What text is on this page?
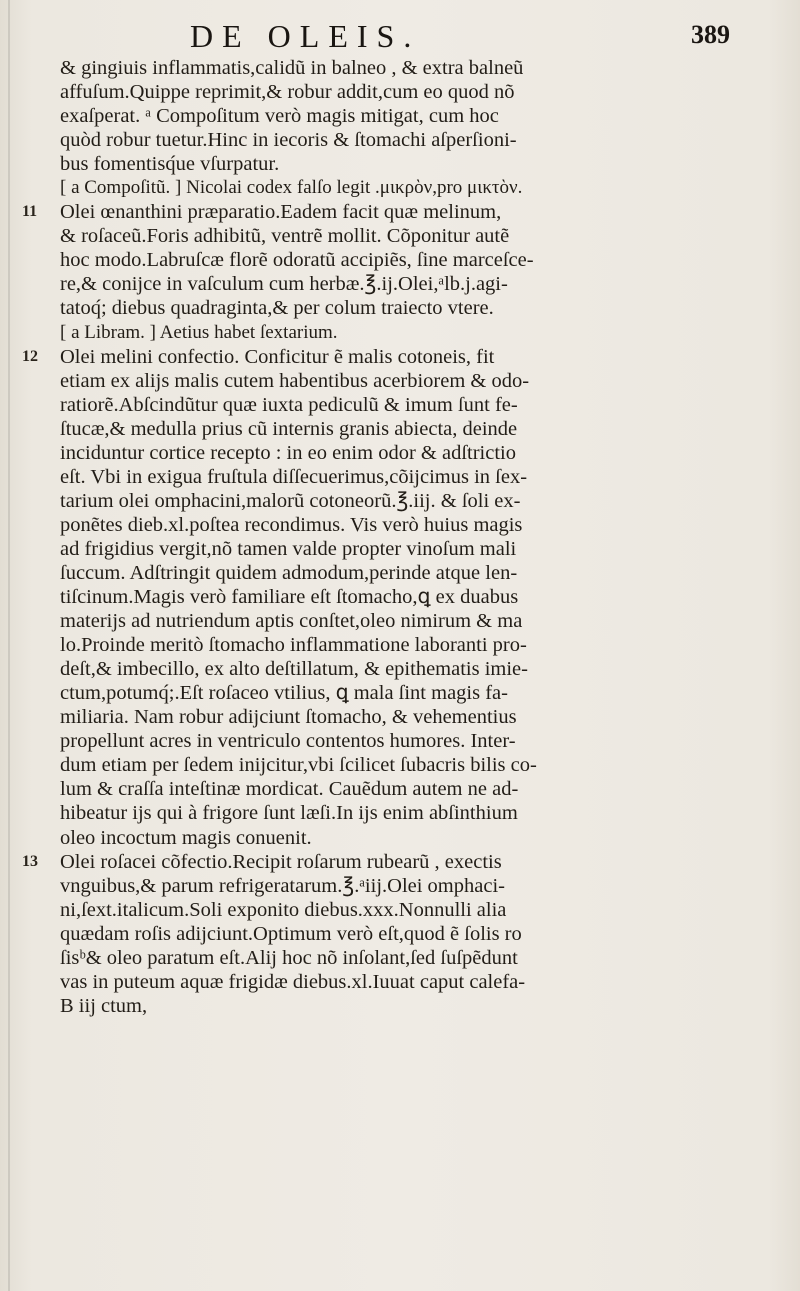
DE OLEIS.	389
& gingiuis inflammatis,calidũ in balneo , & extra balneũ
affuſum.Quippe reprimit,& robur addit,cum eo quod nõ
exaſperat. ᵃ Compoſitum verò magis mitigat, cum hoc
quòd robur tuetur.Hinc in iecoris & ſtomachi aſperſioni-
bus fomentisq́ue vſurpatur.
[ a Compoſitũ. ] Nicolai codex falſo legit .μικρὸν,pro μικτὸν.
Olei œnanthini præparatio.Eadem facit quæ melinum,
11
& roſaceũ.Foris adhibitũ, ventrẽ mollit. Cõponitur autẽ
hoc modo.Labruſcæ florẽ odoratũ accipiẽs, ſine marceſce-
re,& conijce in vaſculum cum herbæ.℥.ij.Olei,ᵃlb.j.agi-
tatoq́; diebus quadraginta,& per colum traiecto vtere.
[ a Libram. ] Aetius habet ſextarium.
Olei melini confectio. Conficitur ẽ malis cotoneis, fit
12
etiam ex alijs malis cutem habentibus acerbiorem & odo-
ratiorẽ.Abſcindũtur quæ iuxta pediculũ & imum ſunt fe-
ſtucæ,& medulla prius cũ internis granis abiecta, deinde
inciduntur cortice recepto : in eo enim odor & adſtrictio
eſt. Vbi in exigua fruſtula diſſecuerimus,cõijcimus in ſex-
tarium olei omphacini,malorũ cotoneorũ.℥.iij. & ſoli ex-
ponẽtes dieb.xl.poſtea recondimus. Vis verò huius magis
ad frigidius vergit,nõ tamen valde propter vinoſum mali
ſuccum. Adſtringit quidem admodum,perinde atque len-
tiſcinum.Magis verò familiare eſt ſtomacho,ꝗ ex duabus
materijs ad nutriendum aptis conſtet,oleo nimirum & ma
lo.Proinde meritò ſtomacho inflammatione laboranti pro-
deſt,& imbecillo, ex alto deſtillatum, & epithematis imie-
ctum,potumq́;.Eſt roſaceo vtilius, ꝗ mala ſint magis fa-
miliaria. Nam robur adijciunt ſtomacho, & vehementius
propellunt acres in ventriculo contentos humores. Inter-
dum etiam per ſedem inijcitur,vbi ſcilicet ſubacris bilis co-
lum & craſſa inteſtinæ mordicat. Cauẽdum autem ne ad-
hibeatur ijs qui à frigore ſunt læſi.In ijs enim abſinthium
oleo incoctum magis conuenit.
Olei roſacei cõfectio.Recipit roſarum rubearũ , exectis
13
vnguibus,& parum refrigeratarum.℥.ᵃiij.Olei omphaci-
ni,ſext.italicum.Soli exponito diebus.xxx.Nonnulli alia
quædam roſis adijciunt.Optimum verò eſt,quod ẽ ſolis ro
ſisᵇ& oleo paratum eſt.Alij hoc nõ inſolant,ſed ſuſpẽdunt
vas in puteum aquæ frigidæ diebus.xl.Iuuat caput calefa-
B iij ctum,
